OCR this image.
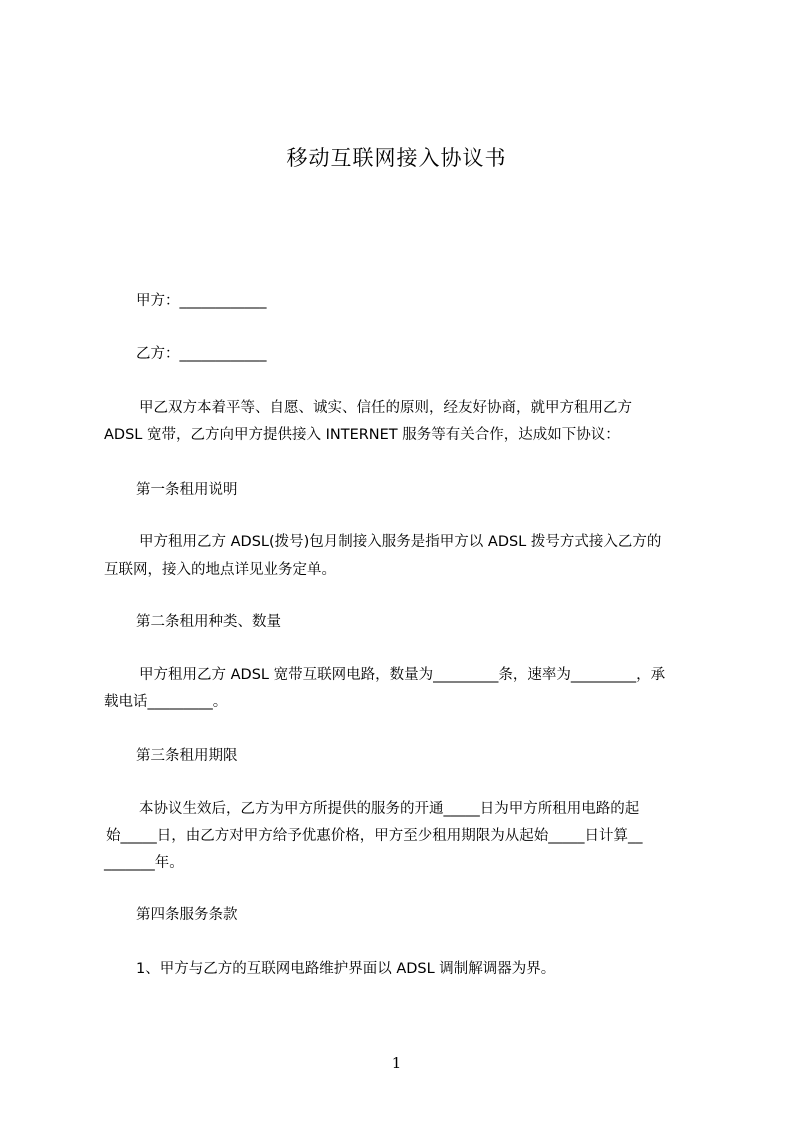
移动互联网接入协议书
甲方：____________
乙方：____________
甲乙双方本着平等、自愿、诚实、信任的原则，经友好协商，就甲方租用乙方
ADSL 宽带，乙方向甲方提供接入 INTERNET 服务等有关合作，达成如下协议：
第一条租用说明
甲方租用乙方 ADSL(拨号)包月制接入服务是指甲方以 ADSL 拨号方式接入乙方的
互联网，接入的地点详见业务定单。
第二条租用种类、数量
甲方租用乙方 ADSL 宽带互联网电路，数量为_________条，速率为_________，承
载电话_________。
第三条租用期限
本协议生效后，乙方为甲方所提供的服务的开通_____日为甲方所租用电路的起
始_____日，由乙方对甲方给予优惠价格，甲方至少租用期限为从起始_____日计算__
_______年。
第四条服务条款
1、甲方与乙方的互联网电路维护界面以 ADSL 调制解调器为界。
1
